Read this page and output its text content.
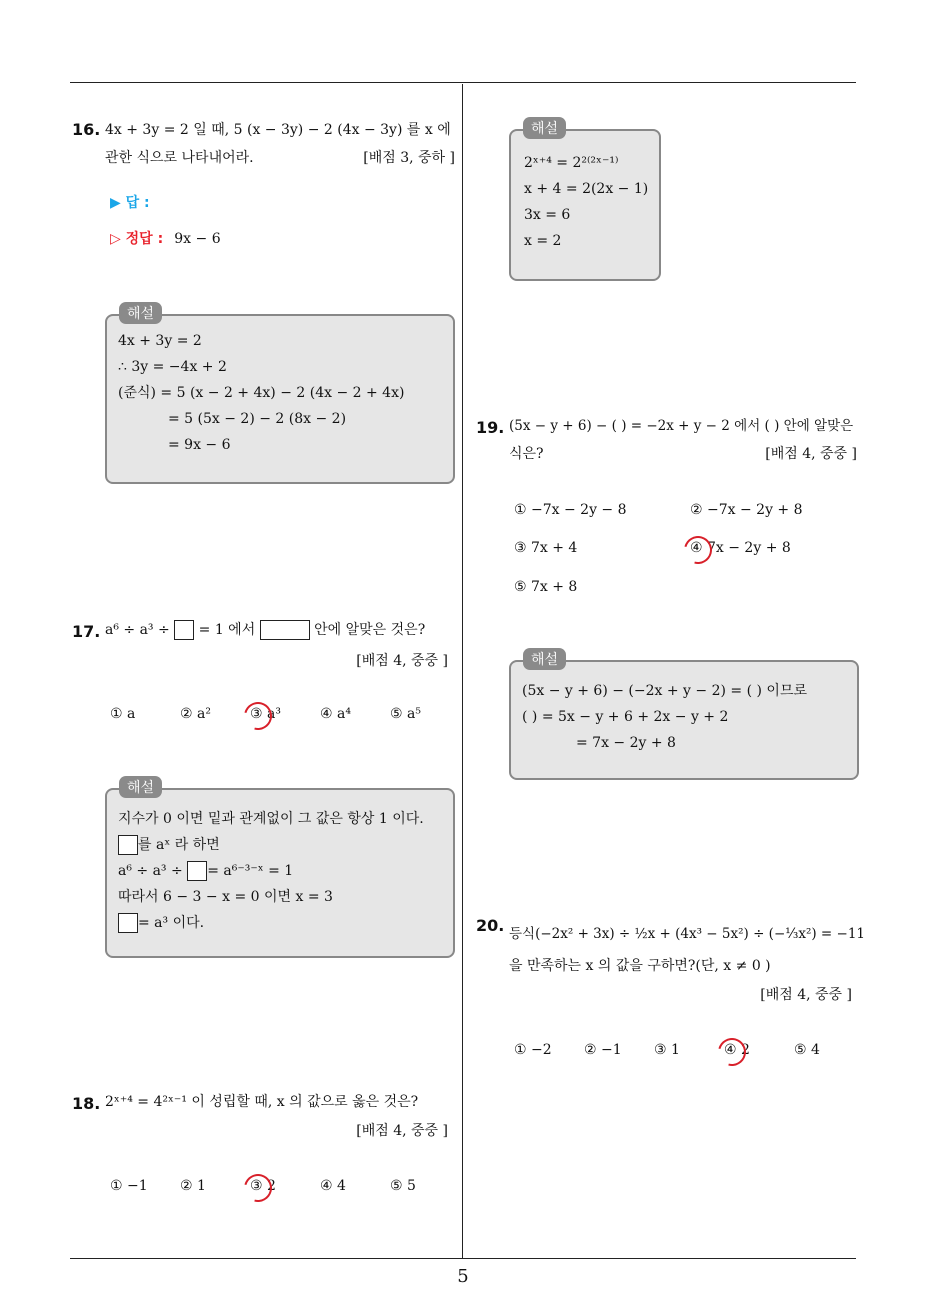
16. 4x + 3y = 2 일 때, 5 (x − 3y) − 2 (4x − 3y) 를 x 에
관한 식으로 나타내어라.	[배점 3, 중하 ]
▶ 답 :
▷ 정답 : 9x − 6
해설
4x + 3y = 2
∴ 3y = −4x + 2
(준식) = 5 (x − 2 + 4x) − 2 (4x − 2 + 4x)
= 5 (5x − 2) − 2 (8x − 2)
= 9x − 6
17. a⁶ ÷ a³ ÷ = 1 에서	안에 알맞은 것은?
[배점 4, 중중 ]
① a	② a²	③ a³	④ a⁴	⑤ a⁵
해설
지수가 0 이면 밑과 관계없이 그 값은 항상 1 이다.
를 aˣ 라 하면
a⁶ ÷ a³ ÷ = a⁶⁻³⁻ˣ = 1
따라서 6 − 3 − x = 0 이면 x = 3
= a³ 이다.
18. 2ˣ⁺⁴ = 4²ˣ⁻¹ 이 성립할 때, x 의 값으로 옳은 것은?
[배점 4, 중중 ]
① −1 ② 1	③ 2	④ 4	⑤ 5
해설
2ˣ⁺⁴ = 2²⁽²ˣ⁻¹⁾
x + 4 = 2(2x − 1)
3x = 6
x = 2
19. (5x − y + 6) − ( ) = −2x + y − 2 에서 ( ) 안에 알맞은
식은?	[배점 4, 중중 ]
① −7x − 2y − 8	② −7x − 2y + 8
③ 7x + 4	④ 7x − 2y + 8
⑤ 7x + 8
해설
(5x − y + 6) − (−2x + y − 2) = ( ) 이므로
( ) = 5x − y + 6 + 2x − y + 2
= 7x − 2y + 8
20. 등식(−2x² + 3x) ÷ ½x + (4x³ − 5x²) ÷ (−⅓x²) = −11
을 만족하는 x 의 값을 구하면?(단, x ≠ 0 )
[배점 4, 중중 ]
① −2 ② −1 ③ 1	④ 2	⑤ 4
5
